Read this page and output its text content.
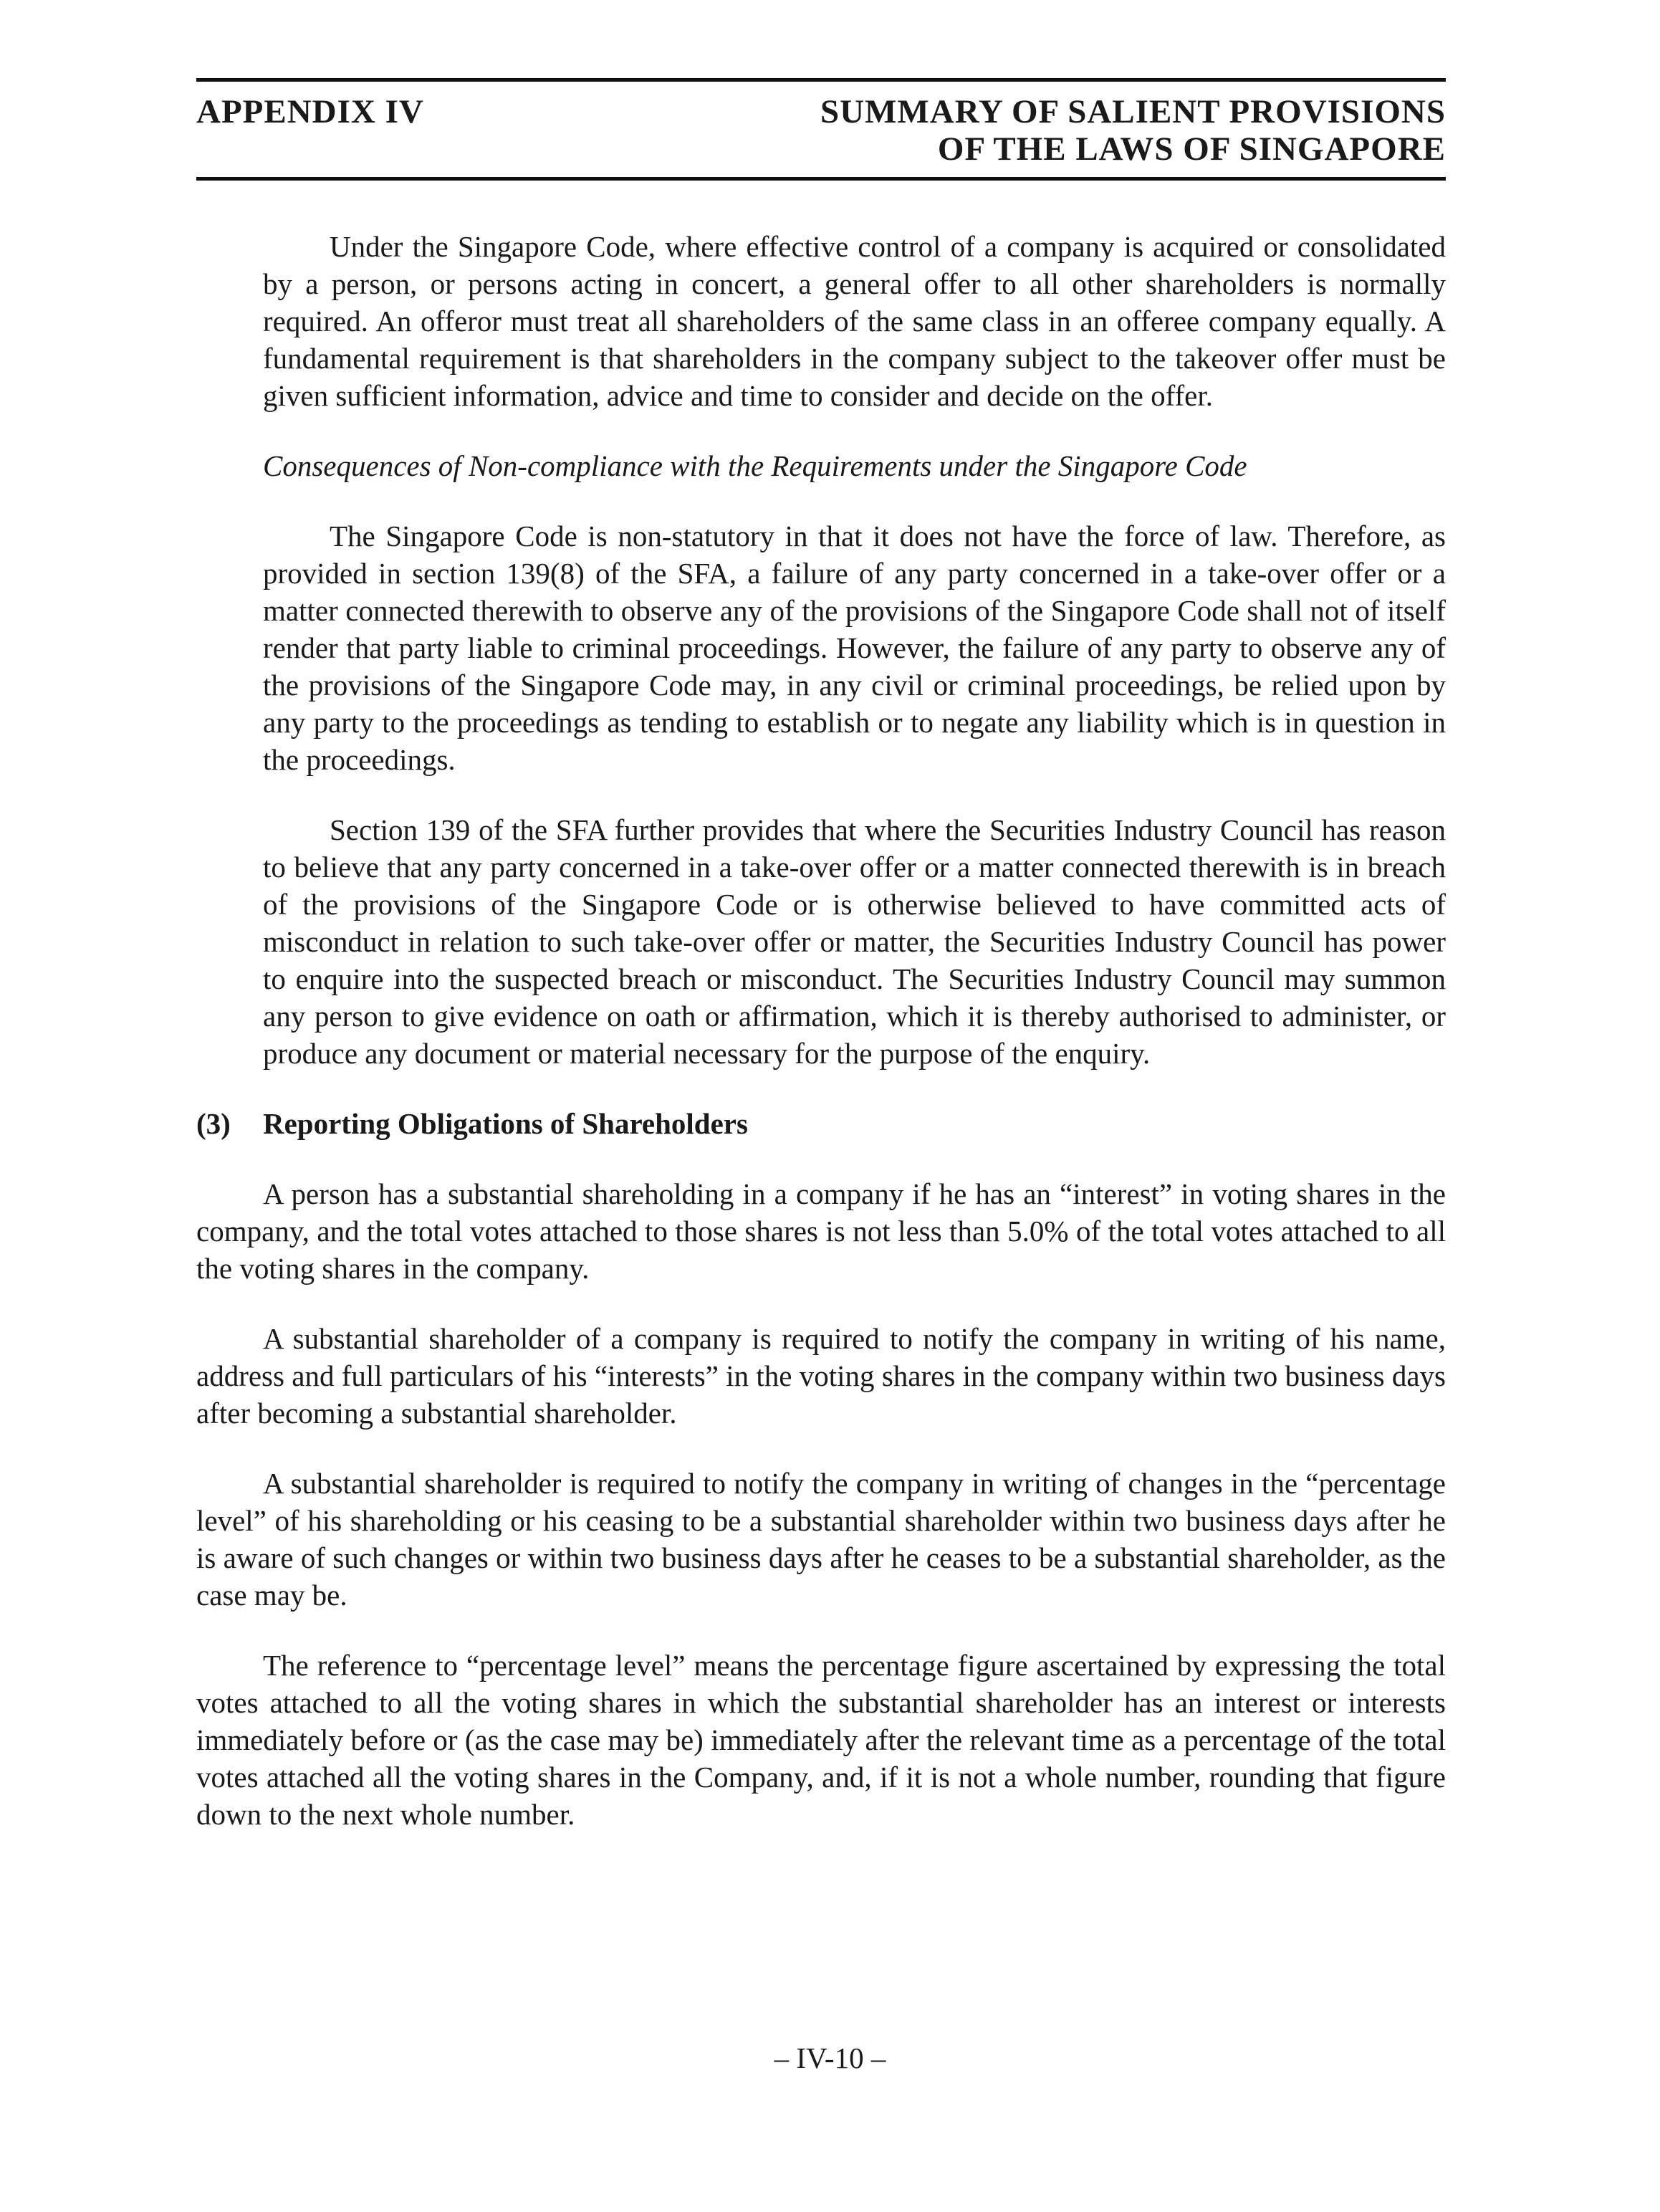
APPENDIX IV	SUMMARY OF SALIENT PROVISIONS
OF THE LAWS OF SINGAPORE

Under the Singapore Code, where effective control of a company is acquired or consolidated by a person, or persons acting in concert, a general offer to all other shareholders is normally required. An offeror must treat all shareholders of the same class in an offeree company equally. A fundamental requirement is that shareholders in the company subject to the takeover offer must be given sufficient information, advice and time to consider and decide on the offer.

Consequences of Non-compliance with the Requirements under the Singapore Code

The Singapore Code is non-statutory in that it does not have the force of law. Therefore, as provided in section 139(8) of the SFA, a failure of any party concerned in a take-over offer or a matter connected therewith to observe any of the provisions of the Singapore Code shall not of itself render that party liable to criminal proceedings. However, the failure of any party to observe any of the provisions of the Singapore Code may, in any civil or criminal proceedings, be relied upon by any party to the proceedings as tending to establish or to negate any liability which is in question in the proceedings.

Section 139 of the SFA further provides that where the Securities Industry Council has reason to believe that any party concerned in a take-over offer or a matter connected therewith is in breach of the provisions of the Singapore Code or is otherwise believed to have committed acts of misconduct in relation to such take-over offer or matter, the Securities Industry Council has power to enquire into the suspected breach or misconduct. The Securities Industry Council may summon any person to give evidence on oath or affirmation, which it is thereby authorised to administer, or produce any document or material necessary for the purpose of the enquiry.

(3)	Reporting Obligations of Shareholders

A person has a substantial shareholding in a company if he has an “interest” in voting shares in the company, and the total votes attached to those shares is not less than 5.0% of the total votes attached to all the voting shares in the company.

A substantial shareholder of a company is required to notify the company in writing of his name, address and full particulars of his “interests” in the voting shares in the company within two business days after becoming a substantial shareholder.

A substantial shareholder is required to notify the company in writing of changes in the “percentage level” of his shareholding or his ceasing to be a substantial shareholder within two business days after he is aware of such changes or within two business days after he ceases to be a substantial shareholder, as the case may be.

The reference to “percentage level” means the percentage figure ascertained by expressing the total votes attached to all the voting shares in which the substantial shareholder has an interest or interests immediately before or (as the case may be) immediately after the relevant time as a percentage of the total votes attached all the voting shares in the Company, and, if it is not a whole number, rounding that figure down to the next whole number.

– IV-10 –
